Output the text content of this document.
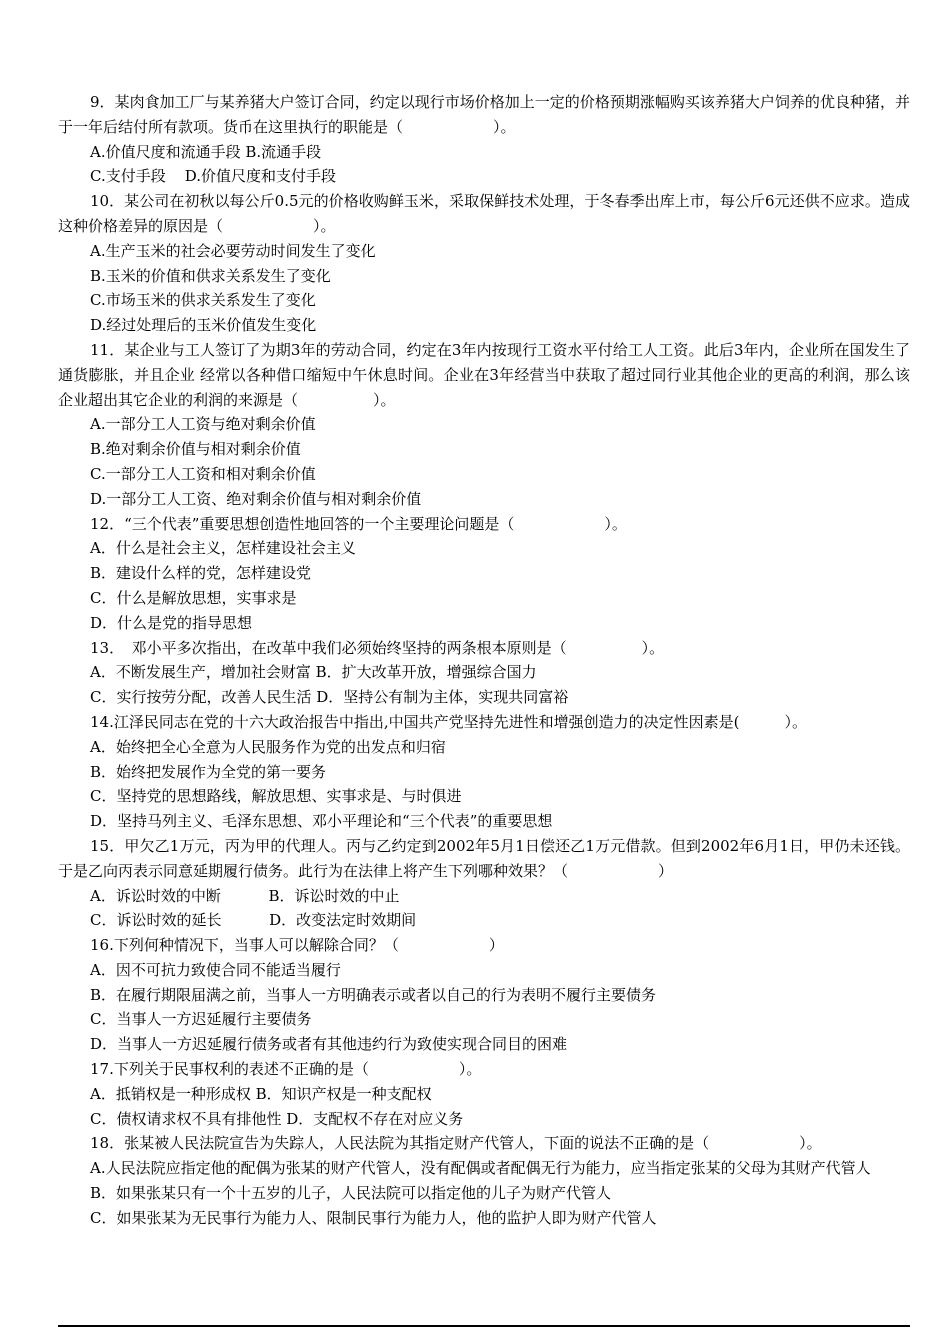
9．某肉食加工厂与某养猪大户签订合同，约定以现行市场价格加上一定的价格预期涨幅购买该养猪大户饲养的优良种猪，并于一年后结付所有款项。货币在这里执行的职能是（　　　　　　）。

A.价值尺度和流通手段 B.流通手段

C.支付手段    D.价值尺度和支付手段

10．某公司在初秋以每公斤0.5元的价格收购鲜玉米，采取保鲜技术处理，于冬春季出库上市，每公斤6元还供不应求。造成这种价格差异的原因是（　　　　　　）。

A.生产玉米的社会必要劳动时间发生了变化

B.玉米的价值和供求关系发生了变化

C.市场玉米的供求关系发生了变化

D.经过处理后的玉米价值发生变化

11．某企业与工人签订了为期3年的劳动合同，约定在3年内按现行工资水平付给工人工资。此后3年内，企业所在国发生了通货膨胀，并且企业 经常以各种借口缩短中午休息时间。企业在3年经营当中获取了超过同行业其他企业的更高的利润，那么该企业超出其它企业的利润的来源是（　　　　　）。

A.一部分工人工资与绝对剩余价值

B.绝对剩余价值与相对剩余价值

C.一部分工人工资和相对剩余价值

D.一部分工人工资、绝对剩余价值与相对剩余价值

12．“三个代表”重要思想创造性地回答的一个主要理论问题是（　　　　　　）。

A．什么是社会主义，怎样建设社会主义

B．建设什么样的党，怎样建设党

C．什么是解放思想，实事求是

D．什么是党的指导思想

13．　邓小平多次指出，在改革中我们必须始终坚持的两条根本原则是（　　　　　）。

A．不断发展生产，增加社会财富 B．扩大改革开放，增强综合国力

C．实行按劳分配，改善人民生活 D．坚持公有制为主体，实现共同富裕

14.江泽民同志在党的十六大政治报告中指出,中国共产党坚持先进性和增强创造力的决定性因素是(　　　）。

A．始终把全心全意为人民服务作为党的出发点和归宿

B．始终把发展作为全党的第一要务

C．坚持党的思想路线，解放思想、实事求是、与时俱进

D．坚持马列主义、毛泽东思想、邓小平理论和“三个代表”的重要思想

15．甲欠乙1万元，丙为甲的代理人。丙与乙约定到2002年5月1日偿还乙1万元借款。但到2002年6月1日，甲仍未还钱。于是乙向丙表示同意延期履行债务。此行为在法律上将产生下列哪种效果？（　　　　　　）

A．诉讼时效的中断          B．诉讼时效的中止

C．诉讼时效的延长          D．改变法定时效期间

16.下列何种情况下，当事人可以解除合同？（　　　　　　）

A．因不可抗力致使合同不能适当履行

B．在履行期限届满之前，当事人一方明确表示或者以自己的行为表明不履行主要债务

C．当事人一方迟延履行主要债务

D．当事人一方迟延履行债务或者有其他违约行为致使实现合同目的困难

17.下列关于民事权利的表述不正确的是（　　　　　　）。

A．抵销权是一种形成权 B．知识产权是一种支配权

C．债权请求权不具有排他性 D．支配权不存在对应义务

18．张某被人民法院宣告为失踪人，人民法院为其指定财产代管人，下面的说法不正确的是（　　　　　　）。

A.人民法院应指定他的配偶为张某的财产代管人，没有配偶或者配偶无行为能力，应当指定张某的父母为其财产代管人

B．如果张某只有一个十五岁的儿子，人民法院可以指定他的儿子为财产代管人

C．如果张某为无民事行为能力人、限制民事行为能力人，他的监护人即为财产代管人
